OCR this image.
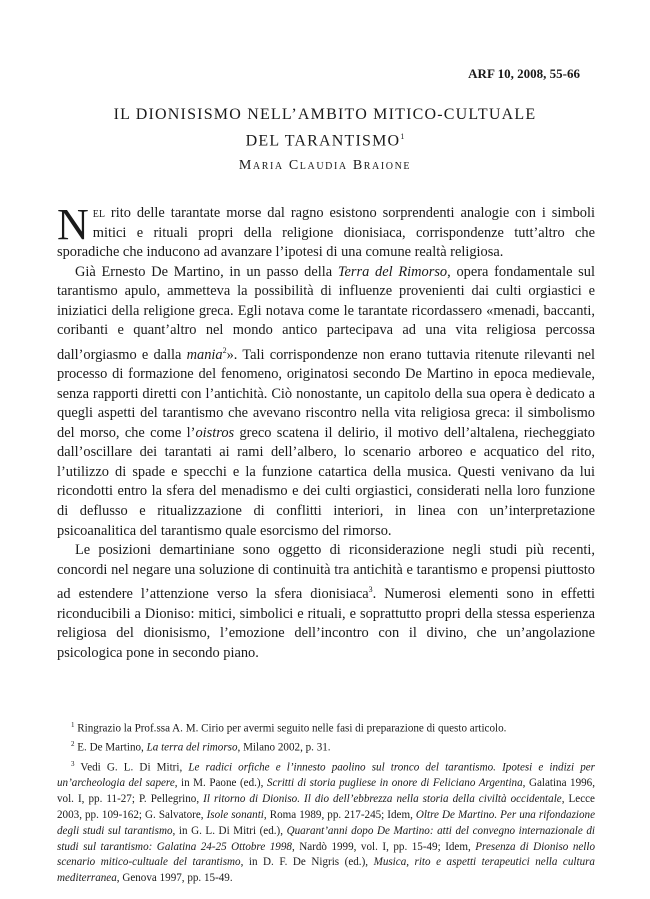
ARF 10, 2008, 55-66
IL DIONISISMO NELL’AMBITO MITICO-CULTUALE
DEL TARANTISMO$^1$
Maria Claudia Braione

Nel rito delle tarantate morse dal ragno esistono sorprendenti analogie con i simboli mitici e rituali propri della religione dionisiaca, corrispondenze tutt’altro che sporadiche che inducono ad avanzare l’ipotesi di una comune realtà religiosa.

Già Ernesto De Martino, in un passo della Terra del Rimorso, opera fondamentale sul tarantismo apulo, ammetteva la possibilità di influenze provenienti dai culti orgiastici e iniziatici della religione greca. Egli notava come le tarantate ricordassero «menadi, baccanti, coribanti e quant’altro nel mondo antico partecipava ad una vita religiosa percossa dall’orgiasmo e dalla mania$^2$». Tali corrispondenze non erano tuttavia ritenute rilevanti nel processo di formazione del fenomeno, originatosi secondo De Martino in epoca medievale, senza rapporti diretti con l’antichità. Ciò nonostante, un capitolo della sua opera è dedicato a quegli aspetti del tarantismo che avevano riscontro nella vita religiosa greca: il simbolismo del morso, che come l’oistros greco scatena il delirio, il motivo dell’altalena, riecheggiato dall’oscillare dei tarantati ai rami dell’albero, lo scenario arboreo e acquatico del rito, l’utilizzo di spade e specchi e la funzione catartica della musica. Questi venivano da lui ricondotti entro la sfera del menadismo e dei culti orgiastici, considerati nella loro funzione di deflusso e ritualizzazione di conflitti interiori, in linea con un’interpretazione psicoanalitica del tarantismo quale esorcismo del rimorso.

Le posizioni demartiniane sono oggetto di riconsiderazione negli studi più recenti, concordi nel negare una soluzione di continuità tra antichità e tarantismo e propensi piuttosto ad estendere l’attenzione verso la sfera dionisiaca$^3$. Numerosi elementi sono in effetti riconducibili a Dioniso: mitici, simbolici e rituali, e soprattutto propri della stessa esperienza religiosa del dionisismo, l’emozione dell’incontro con il divino, che un’angolazione psicologica pone in secondo piano.

$^1$ Ringrazio la Prof.ssa A. M. Cirio per avermi seguito nelle fasi di preparazione di questo articolo.

$^2$ E. De Martino, La terra del rimorso, Milano 2002, p. 31.

$^3$ Vedi G. L. Di Mitri, Le radici orfiche e l’innesto paolino sul tronco del tarantismo. Ipotesi e indizi per un’archeologia del sapere, in M. Paone (ed.), Scritti di storia pugliese in onore di Feliciano Argentina, Galatina 1996, vol. I, pp. 11-27; P. Pellegrino, Il ritorno di Dioniso. Il dio dell’ebbrezza nella storia della civiltà occidentale, Lecce 2003, pp. 109-162; G. Salvatore, Isole sonanti, Roma 1989, pp. 217-245; Idem, Oltre De Martino. Per una rifondazione degli studi sul tarantismo, in G. L. Di Mitri (ed.), Quarant’anni dopo De Martino: atti del convegno internazionale di studi sul tarantismo: Galatina 24-25 Ottobre 1998, Nardò 1999, vol. I, pp. 15-49; Idem, Presenza di Dioniso nello scenario mitico-cultuale del tarantismo, in D. F. De Nigris (ed.), Musica, rito e aspetti terapeutici nella cultura mediterranea, Genova 1997, pp. 15-49.
